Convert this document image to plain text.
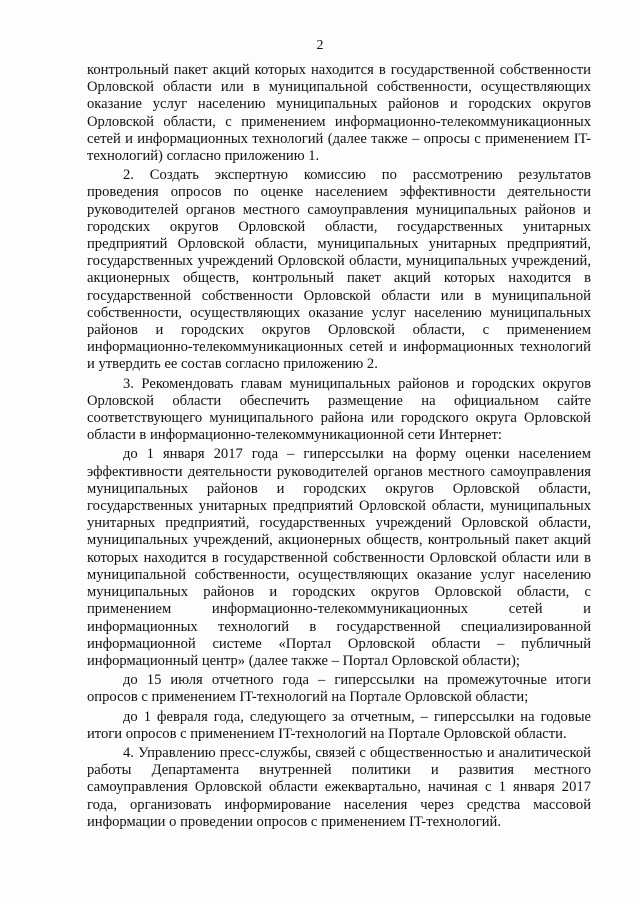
2

контрольный пакет акций которых находится в государственной собственности Орловской области или в муниципальной собственности, осуществляющих оказание услуг населению муниципальных районов и городских округов Орловской области, с применением информационно-телекоммуникационных сетей и информационных технологий (далее также – опросы с применением IT-технологий) согласно приложению 1.

2. Создать экспертную комиссию по рассмотрению результатов проведения опросов по оценке населением эффективности деятельности руководителей органов местного самоуправления муниципальных районов и городских округов Орловской области, государственных унитарных предприятий Орловской области, муниципальных унитарных предприятий, государственных учреждений Орловской области, муниципальных учреждений, акционерных обществ, контрольный пакет акций которых находится в государственной собственности Орловской области или в муниципальной собственности, осуществляющих оказание услуг населению муниципальных районов и городских округов Орловской области, с применением информационно-телекоммуникационных сетей и информационных технологий и утвердить ее состав согласно приложению 2.

3. Рекомендовать главам муниципальных районов и городских округов Орловской области обеспечить размещение на официальном сайте соответствующего муниципального района или городского округа Орловской области в информационно-телекоммуникационной сети Интернет:

до 1 января 2017 года – гиперссылки на форму оценки населением эффективности деятельности руководителей органов местного самоуправления муниципальных районов и городских округов Орловской области, государственных унитарных предприятий Орловской области, муниципальных унитарных предприятий, государственных учреждений Орловской области, муниципальных учреждений, акционерных обществ, контрольный пакет акций которых находится в государственной собственности Орловской области или в муниципальной собственности, осуществляющих оказание услуг населению муниципальных районов и городских округов Орловской области, с применением информационно-телекоммуникационных сетей и информационных технологий в государственной специализированной информационной системе «Портал Орловской области – публичный информационный центр» (далее также – Портал Орловской области);

до 15 июля отчетного года – гиперссылки на промежуточные итоги опросов с применением IT-технологий на Портале Орловской области;

до 1 февраля года, следующего за отчетным, – гиперссылки на годовые итоги опросов с применением IT-технологий на Портале Орловской области.

4. Управлению пресс-службы, связей с общественностью и аналитической работы Департамента внутренней политики и развития местного самоуправления Орловской области ежеквартально, начиная с 1 января 2017 года, организовать информирование населения через средства массовой информации о проведении опросов с применением IT-технологий.
